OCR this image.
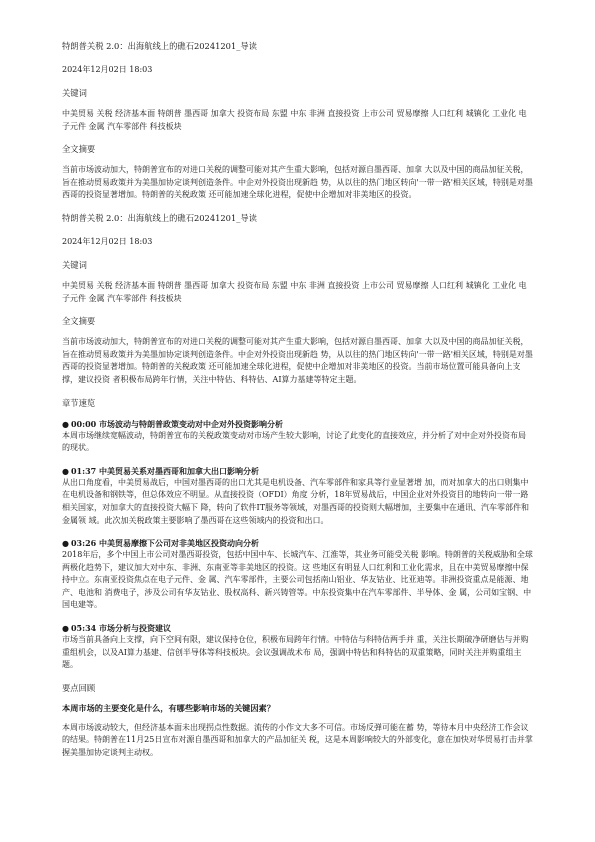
特朗普关税 2.0：出海航线上的礁石20241201_导读

2024年12月02日 18:03

关键词

中美贸易 关税 经济基本面 特朗普 墨西哥 加拿大 投资布局 东盟 中东 非洲 直接投资 上市公司 贸易摩擦 人口红利 城镇化 工业化 电子元件 金属 汽车零部件 科技板块

全文摘要

当前市场波动加大，特朗普宣布的对进口关税的调整可能对其产生重大影响，包括对源自墨西哥、加拿 大以及中国的商品加征关税，旨在推动贸易政策并为美墨加协定谈判创造条件。中企对外投资出现新趋 势，从以往的热门地区转向'一带一路'相关区域，特别是对墨西哥的投资显著增加。特朗普的关税政策 还可能加速全球化进程，促使中企增加对非美地区的投资。

特朗普关税 2.0：出海航线上的礁石20241201_导读

2024年12月02日 18:03

关键词

中美贸易 关税 经济基本面 特朗普 墨西哥 加拿大 投资布局 东盟 中东 非洲 直接投资 上市公司 贸易摩擦 人口红利 城镇化 工业化 电子元件 金属 汽车零部件 科技板块

全文摘要

当前市场波动加大，特朗普宣布的对进口关税的调整可能对其产生重大影响，包括对源自墨西哥、加拿 大以及中国的商品加征关税，旨在推动贸易政策并为美墨加协定谈判创造条件。中企对外投资出现新趋 势，从以往的热门地区转向'一带一路'相关区域，特别是对墨西哥的投资显著增加。特朗普的关税政策 还可能加速全球化进程，促使中企增加对非美地区的投资。当前市场位置可能具备向上支撑，建议投资 者积极布局跨年行情，关注中特估、科特估、AI算力基建等特定主题。

章节速览

● 00:00 市场波动与特朗普政策变动对中企对外投资影响分析

本周市场继续宽幅波动，特朗普宣布的关税政策变动对市场产生较大影响，讨论了此变化的直接效应，并分析了对中企对外投资布局的现状。

● 01:37 中美贸易关系对墨西哥和加拿大出口影响分析

从出口角度看，中美贸易战后，中国对墨西哥的出口尤其是电机设备、汽车零部件和家具等行业显著增 加，而对加拿大的出口则集中在电机设备和钢铁等，但总体效应不明显。从直接投资（OFDI）角度 分析，18年贸易战后，中国企业对外投资目的地转向一带一路相关国家，对加拿大的直接投资大幅下 降，转向了软件IT服务等领域，对墨西哥的投资则大幅增加，主要集中在通讯、汽车零部件和金属领 域。此次加关税政策主要影响了墨西哥在这些领域内的投资和出口。

● 03:26 中美贸易摩擦下公司对非美地区投资动向分析

2018年后，多个中国上市公司对墨西哥投资，包括中国中车、长城汽车、江淮等，其业务可能受关税 影响。特朗普的关税威胁和全球两极化趋势下，建议加大对中东、非洲、东南亚等非美地区的投资。这 些地区有明显人口红利和工业化需求，且在中美贸易摩擦中保持中立。东南亚投资焦点在电子元件、金 属、汽车零部件，主要公司包括南山铝业、华友钴业、比亚迪等。非洲投资重点是能源、地产、电池和 消费电子，涉及公司有华友钴业、股权高科、新兴铸管等。中东投资集中在汽车零部件、半导体、金 属，公司如宝钢、中国电建等。

● 05:34 市场分析与投资建议

市场当前具备向上支撑，向下空间有限，建议保持仓位，积极布局跨年行情。中特估与科特估两手并 重，关注长期破净研磨估与并购重组机会，以及AI算力基建、信创半导体等科技板块。会议强调战术布 局，强调中特估和科特估的双重策略，同时关注并购重组主题。

要点回顾

本周市场的主要变化是什么，有哪些影响市场的关键因素？

本周市场波动较大，但经济基本面未出现拐点性数据。流传的小作文大多不可信。市场反弹可能在蓄 势，等待本月中央经济工作会议的结果。特朗普在11月25日宣布对源自墨西哥和加拿大的产品加征关 税，这是本周影响较大的外部变化，意在加快对华贸易打击并掌握美墨加协定谈判主动权。
